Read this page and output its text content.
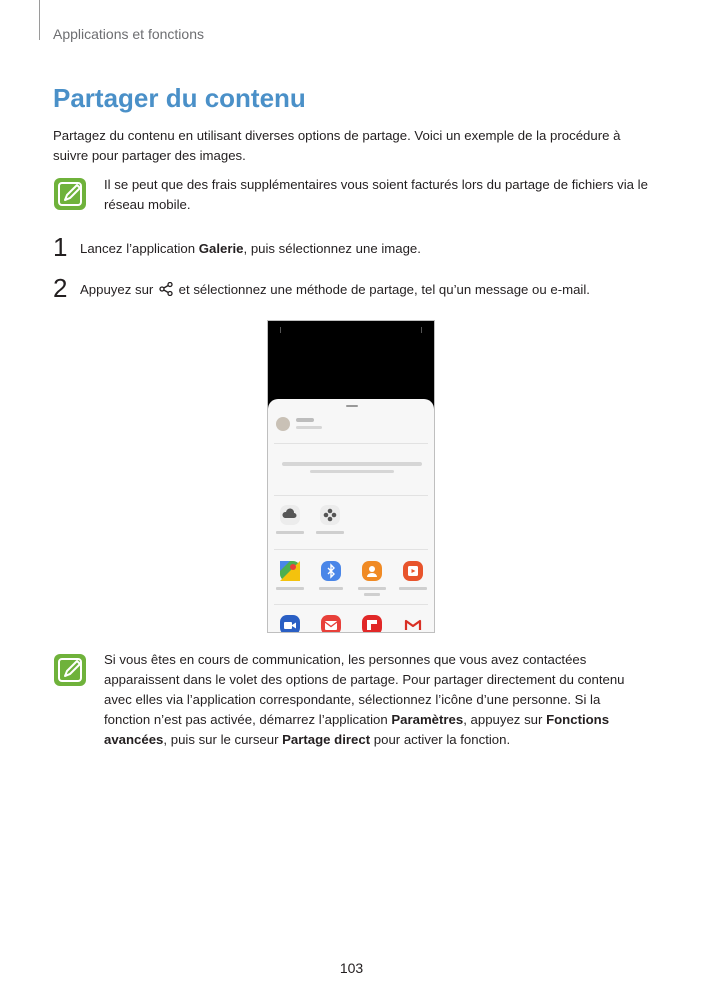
Applications et fonctions
Partager du contenu

Partagez du contenu en utilisant diverses options de partage. Voici un exemple de la procédure à
suivre pour partager des images.

Il se peut que des frais supplémentaires vous soient facturés lors du partage de fichiers via le
réseau mobile.

1 Lancez l’application Galerie, puis sélectionnez une image.
2 Appuyez sur et sélectionnez une méthode de partage, tel qu’un message ou e-mail.

Si vous êtes en cours de communication, les personnes que vous avez contactées
apparaissent dans le volet des options de partage. Pour partager directement du contenu
avec elles via l’application correspondante, sélectionnez l’icône d’une personne. Si la
fonction n’est pas activée, démarrez l’application Paramètres, appuyez sur Fonctions
avancées, puis sur le curseur Partage direct pour activer la fonction.

103
